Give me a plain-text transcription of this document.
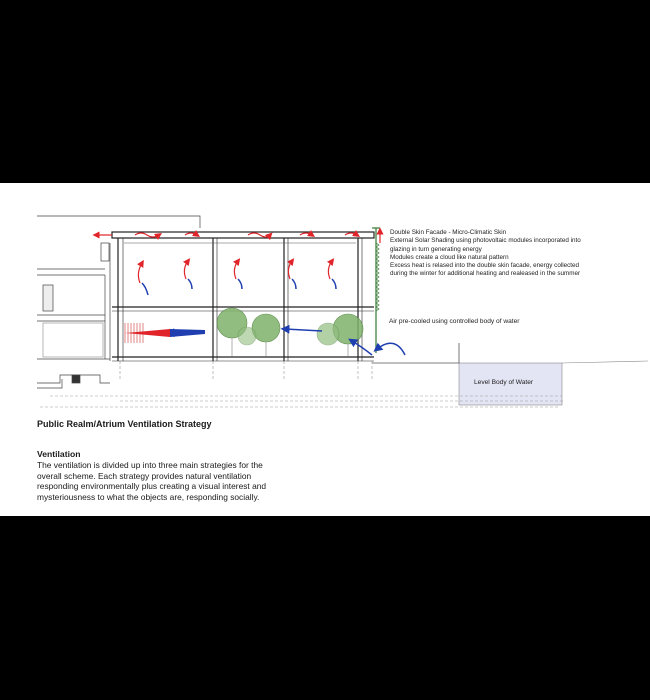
Double Skin Facade - Micro-Climatic Skin
External Solar Shading using photovoltaic modules incorporated into
glazing in turn generating energy
Modules create a cloud like natural pattern
Excess heat is relased into the double skin facade, energy collected
during the winter for additional heating and realeased in the summer
Air pre-cooled using controlled body of water
Level Body of Water
Public Realm/Atrium Ventilation Strategy
Ventilation
The ventilation is divided up into three main strategies for the
overall scheme. Each strategy provides natural ventilation
responding environmentally plus creating a visual interest and
mysteriousness to what the objects are, responding socially.
